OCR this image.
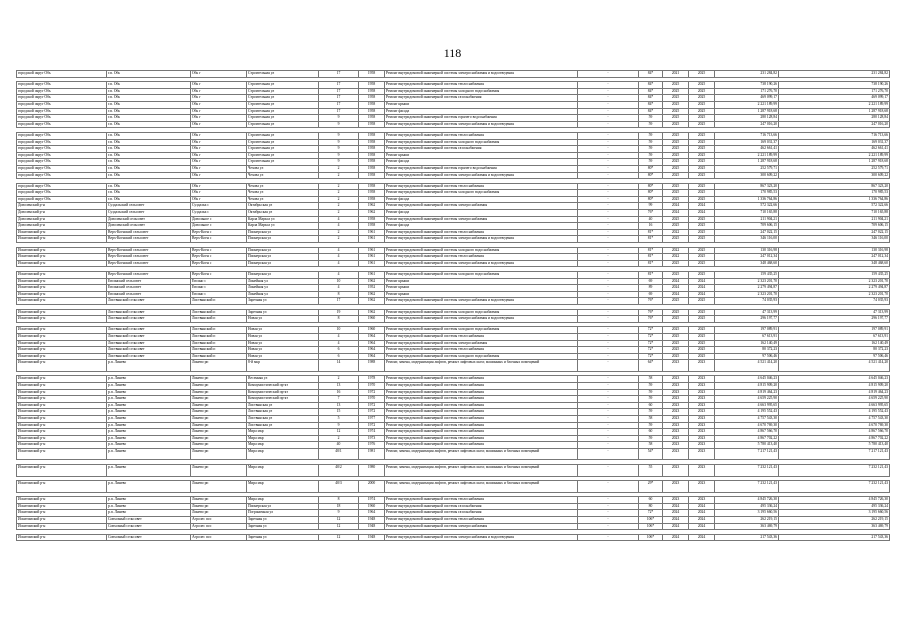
118
городской округ Обь	г.п. Обь	Обь г	Строительная ул	17	1958	Ремонт внутридомовой инженерной системы электроснабжения и водоотведения	-	84*	2021	2025	231 284,82	231 284,82

городской округ Обь	г.п. Обь	Обь г	Строительная ул	17	1958	Ремонт внутридомовой инженерной системы теплоснабжения	-	84*	2025	2025	738 190,26	738 190,26
городской округ Обь	г.п. Обь	Обь г	Строительная ул	17	1958	Ремонт внутридомовой инженерной системы холодного водоснабжения	-	84*	2025	2025	171 276,70	171 276,70
городской округ Обь	г.п. Обь	Обь г	Строительная ул	17	1958	Ремонт внутридомовой инженерной системы газоснабжения	-	84*	2025	2025	469 099,17	469 099,17
городской округ Обь	г.п. Обь	Обь г	Строительная ул	17	1958	Ремонт крыши	-	84*	2025	2025	2 221 189,99	2 221 189,99
городской округ Обь	г.п. Обь	Обь г	Строительная ул	17	1958	Ремонт фасада	-	84*	2025	2025	1 287 918,68	1 287 918,68
городской округ Обь	г.п. Обь	Обь г	Строительная ул	9	1958	Ремонт внутридомовой инженерной системы горячего водоснабжения	-	59	2025	2025	280 128,84	280 128,84
городской округ Обь	г.п. Обь	Обь г	Строительная ул	9	1958	Ремонт внутридомовой инженерной системы электроснабжения и водоотведения	-	59	2025	2025	247 016,20	247 016,20

городской округ Обь	г.п. Обь	Обь г	Строительная ул	9	1958	Ремонт внутридомовой инженерной системы теплоснабжения	-	59	2025	2025	716 713,66	716 713,66
городской округ Обь	г.п. Обь	Обь г	Строительная ул	9	1958	Ремонт внутридомовой инженерной системы холодного водоснабжения	-	59	2025	2025	169 031,37	169 031,37
городской округ Обь	г.п. Обь	Обь г	Строительная ул	9	1958	Ремонт внутридомовой инженерной системы газоснабжения	-	59	2025	2025	462 661,41	462 661,41
городской округ Обь	г.п. Обь	Обь г	Строительная ул	9	1958	Ремонт крыши	-	59	2025	2025	2 221 189,99	2 221 189,99
городской округ Обь	г.п. Обь	Обь г	Строительная ул	9	1958	Ремонт фасада	-	59	2025	2025	1 287 918,68	1 287 918,68
городской округ Обь	г.п. Обь	Обь г	Чехова ул	2	1958	Ремонт внутридомовой инженерной системы горячего водоснабжения	-	80*	2025	2025	252 579,71	252 579,71
городской округ Обь	г.п. Обь	Обь г	Чехова ул	2	1958	Ремонт внутридомовой инженерной системы электроснабжения и водоотведения	-	80*	2025	2025	300 609,22	300 609,22

городской округ Обь	г.п. Обь	Обь г	Чехова ул	2	1958	Ремонт внутридомовой инженерной системы теплоснабжения	-	80*	2025	2025	867 323,20	867 323,20
городской округ Обь	г.п. Обь	Обь г	Чехова ул	2	1958	Ремонт внутридомовой инженерной системы холодного водоснабжения	-	80*	2025	2025	170 985,53	170 985,53
городской округ Обь	г.п. Обь	Обь г	Чехова ул	2	1958	Ремонт фасада	-	80*	2025	2025	1 336 764,86	1 336 764,86
Доволенский р-н	Суздальский сельсовет	Суздалка с	Октябрьская ул	2	1962	Ремонт внутридомовой инженерной системы электроснабжения	-	99	2024	2024	572 322,66	572 322,66
Доволенский р-н	Суздальский сельсовет	Суздалка с	Октябрьская ул	2	1962	Ремонт фасада	-	76*	2024	2024	710 165,88	710 165,88
Доволенский р-н	Доволенский сельсовет	Довольное с	Карла Маркса ул	4	1958	Ремонт внутридомовой инженерной системы электроснабжения	-	40	2025	2025	211 904,21	211 904,21
Доволенский р-н	Доволенский сельсовет	Довольное с	Карла Маркса ул	4	1958	Ремонт фасада	-	16	2025	2025	709 606,15	709 606,15
Искитимский р-н	Верх-Коенский сельсовет	Верх-Коен с	Пионерская ул	2	1961	Ремонт внутридомовой инженерной системы теплоснабжения	-	81*	2022	2025	247 022,15	247 022,15
Искитимский р-н	Верх-Коенский сельсовет	Верх-Коен с	Пионерская ул	2	1961	Ремонт внутридомовой инженерной системы электроснабжения и водоотведения	-	81*	2025	2025	346 116,00	346 116,00

Искитимский р-н	Верх-Коенский сельсовет	Верх-Коен с	Пионерская ул	4	1961	Ремонт внутридомовой инженерной системы холодного водоснабжения	-	81*	2022	2025	130 316,98	130 316,98
Искитимский р-н	Верх-Коенский сельсовет	Верх-Коен с	Пионерская ул	4	1961	Ремонт внутридомовой инженерной системы теплоснабжения	-	81*	2022	2025	247 012,34	247 012,34
Искитимский р-н	Верх-Коенский сельсовет	Верх-Коен с	Пионерская ул	4	1961	Ремонт внутридомовой инженерной системы электроснабжения и водоотведения	-	81*	2025	2025	348 468,60	348 468,60

Искитимский р-н	Верх-Коенский сельсовет	Верх-Коен с	Пионерская ул	4	1961	Ремонт внутридомовой инженерной системы холодного водоснабжения	-	81*	2025	2025	159 435,25	159 435,25
Искитимский р-н	Евсинский сельсовет	Евсино с	Линейная ул	10	1962	Ремонт крыши	-	69	2024	2024	2 323 201,70	2 323 201,70
Искитимский р-н	Евсинский сельсовет	Евсино с	Линейная ул	4	1952	Ремонт крыши	-	89	2024	2024	2 279 494,87	2 279 494,87
Искитимский р-н	Евсинский сельсовет	Евсино с	Линейная ул	8	1962	Ремонт крыши	-	69	2024	2024	2 323 201,70	2 323 201,70
Искитимский р-н	Листвянский сельсовет	Листвянский п	Заречная ул	17	1962	Ремонт внутридомовой инженерной системы электроснабжения и водоотведения	-	76*	2025	2025	74 035,93	74 035,93

Искитимский р-н	Листвянский сельсовет	Листвянский п	Заречная ул	19	1962	Ремонт внутридомовой инженерной системы холодного водоснабжения	-	76*	2025	2025	47 313,99	47 313,99
Искитимский р-н	Листвянский сельсовет	Листвянский п	Новая ул	8	1960	Ремонт внутридомовой инженерной системы электроснабжения и водоотведения	-	76*	2025	2025	296 197,77	296 197,77

Искитимский р-н	Листвянский сельсовет	Листвянский п	Новая ул	10	1960	Ремонт внутридомовой инженерной системы холодного водоснабжения	-	72*	2025	2025	197 089,91	197 089,91
Искитимский р-н	Листвянский сельсовет	Листвянский п	Новая ул	4	1964	Ремонт внутридомовой инженерной системы теплоснабжения	-	72*	2025	2025	67 613,91	67 613,91
Искитимский р-н	Листвянский сельсовет	Листвянский п	Новая ул	4	1964	Ремонт внутридомовой инженерной системы электроснабжения	-	72*	2025	2025	162 140,49	162 140,49
Искитимский р-н	Листвянский сельсовет	Листвянский п	Новая ул	6	1964	Ремонт внутридомовой инженерной системы теплоснабжения	-	72*	2025	2025	80 372,23	80 372,23
Искитимский р-н	Листвянский сельсовет	Листвянский п	Новая ул	6	1964	Ремонт внутридомовой инженерной системы холодного водоснабжения	-	72*	2025	2025	97 506,46	97 506,46
Искитимский р-н	р.п. Линево	Линево рп	8-й мкр	14	1988	Ремонт, замена, модернизация лифтов, ремонт лифтовых шахт, машинных и блочных помещений	-	64*	2023	2023	4 521 414,20	4 521 414,20

Искитимский р-н	р.п. Линево	Линево рп	Весенняя ул	2	1978	Ремонт внутридомовой инженерной системы теплоснабжения	-	58	2023	2023	4 645 046,23	4 645 046,23
Искитимский р-н	р.п. Линево	Линево рп	Коммунистический пр-кт	13	1970	Ремонт внутридомовой инженерной системы теплоснабжения	-	59	2023	2023	4 815 909,20	4 815 909,20
Искитимский р-н	р.п. Линево	Линево рп	Коммунистический пр-кт	16	1972	Ремонт внутридомовой инженерной системы теплоснабжения	-	59	2023	2023	4 819 464,23	4 819 464,23
Искитимский р-н	р.п. Линево	Линево рп	Коммунистический пр-кт	7	1970	Ремонт внутридомовой инженерной системы теплоснабжения	-	59	2023	2023	4 659 225,90	4 659 225,90
Искитимский р-н	р.п. Линево	Линево рп	Листвянская ул	13	1972	Ремонт внутридомовой инженерной системы теплоснабжения	-	60	2023	2023	4 663 995,65	4 663 995,65
Искитимский р-н	р.п. Линево	Линево рп	Листвянская ул	15	1972	Ремонт внутридомовой инженерной системы теплоснабжения	-	59	2023	2023	4 195 552,43	4 195 552,43
Искитимский р-н	р.п. Линево	Линево рп	Листвянская ул	5	1977	Ремонт внутридомовой инженерной системы теплоснабжения	-	58	2023	2023	4 757 543,30	4 757 543,30
Искитимский р-н	р.п. Линево	Линево рп	Листвянская ул	9	1972	Ремонт внутридомовой инженерной системы теплоснабжения	-	59	2023	2023	4 670 769,30	4 670 769,30
Искитимский р-н	р.п. Линево	Линево рп	Мира мкр	12	1974	Ремонт внутридомовой инженерной системы теплоснабжения	-	60	2023	2023	4 867 566,70	4 867 566,70
Искитимский р-н	р.п. Линево	Линево рп	Мира мкр	2	1973	Ремонт внутридомовой инженерной системы теплоснабжения	-	59	2023	2023	4 867 702,22	4 867 702,22
Искитимский р-н	р.п. Линево	Линево рп	Мира мкр	40	1976	Ремонт внутридомовой инженерной системы теплоснабжения	-	58	2023	2023	5 780 413,40	5 780 413,40
Искитимский р-н	р.п. Линево	Линево рп	Мира мкр	40/1	1981	Ремонт, замена, модернизация лифтов, ремонт лифтовых шахт, машинных и блочных помещений	-	54*	2023	2023	7 217 121,43	7 217 121,43

Искитимский р-н	р.п. Линево	Линево рп	Мира мкр	40/2	1980	Ремонт, замена, модернизация лифтов, ремонт лифтовых шахт, машинных и блочных помещений	-	55	2023	2023	7 232 121,43	7 232 121,43

Искитимский р-н	р.п. Линево	Линево рп	Мира мкр	40/3	2000	Ремонт, замена, модернизация лифтов, ремонт лифтовых шахт, машинных и блочных помещений	-	29*	2023	2023	7 232 121,43	7 232 121,43

Искитимский р-н	р.п. Линево	Линево рп	Мира мкр	8	1974	Ремонт внутридомовой инженерной системы теплоснабжения	-	60	2023	2023	4 845 726,30	4 845 726,30
Искитимский р-н	р.п. Линево	Линево рп	Пионерская ул	18	1960	Ремонт внутридомовой инженерной системы газоснабжения	-	80	2024	2024	495 336,24	495 336,24
Искитимский р-н	р.п. Линево	Линево рп	Пограничная ул	9	1964	Ремонт внутридомовой инженерной системы газоснабжения	-	72*	2024	2024	3 195 660,56	3 195 660,56
Искитимский р-н	Совхозный сельсовет	Агролес пос	Заречная ул	12	1948	Ремонт внутридомовой инженерной системы теплоснабжения	-	106*	2024	2024	262 219,15	262 219,15
Искитимский р-н	Совхозный сельсовет	Агролес пос	Заречная ул	12	1948	Ремонт внутридомовой инженерной системы электроснабжения	-	106*	2024	2024	363 469,79	363 469,79

Искитимский р-н	Совхозный сельсовет	Агролес пос	Заречная ул	12	1948	Ремонт внутридомовой инженерной системы электроснабжения и водоотведения	-	106*	2024	2024	217 543,36	217 543,36
